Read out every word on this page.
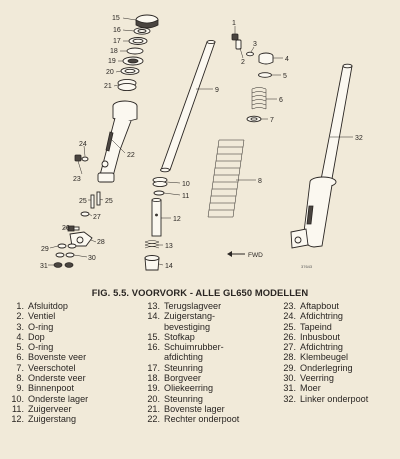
FWD
37643
15
16
17
18
19
20
21
22
23
24
25	25
26
27
28
29
30
31
1
2
3
4
5
6
7
8
9
10
11
12
13
14
32
FIG. 5.5. VOORVORK - ALLE GL650 MODELLEN
1. Afsluitdop
2. Ventiel
3. O-ring
4. Dop
5. O-ring
6. Bovenste veer
7. Veerschotel
8. Onderste veer
9. Binnenpoot
10. Onderste lager
11. Zuigerveer
12. Zuigerstang
13. Terugslagveer
14. Zuigerstang-
bevestiging
15. Stofkap
16. Schuimrubber-
afdichting
17. Steunring
18. Borgveer
19. Oliekeerring
20. Steunring
21. Bovenste lager
22. Rechter onderpoot
23. Aftapbout
24. Afdichtring
25. Tapeind
26. Inbusbout
27. Afdichtring
28. Klembeugel
29. Onderlegring
30. Veerring
31. Moer
32. Linker onderpoot
